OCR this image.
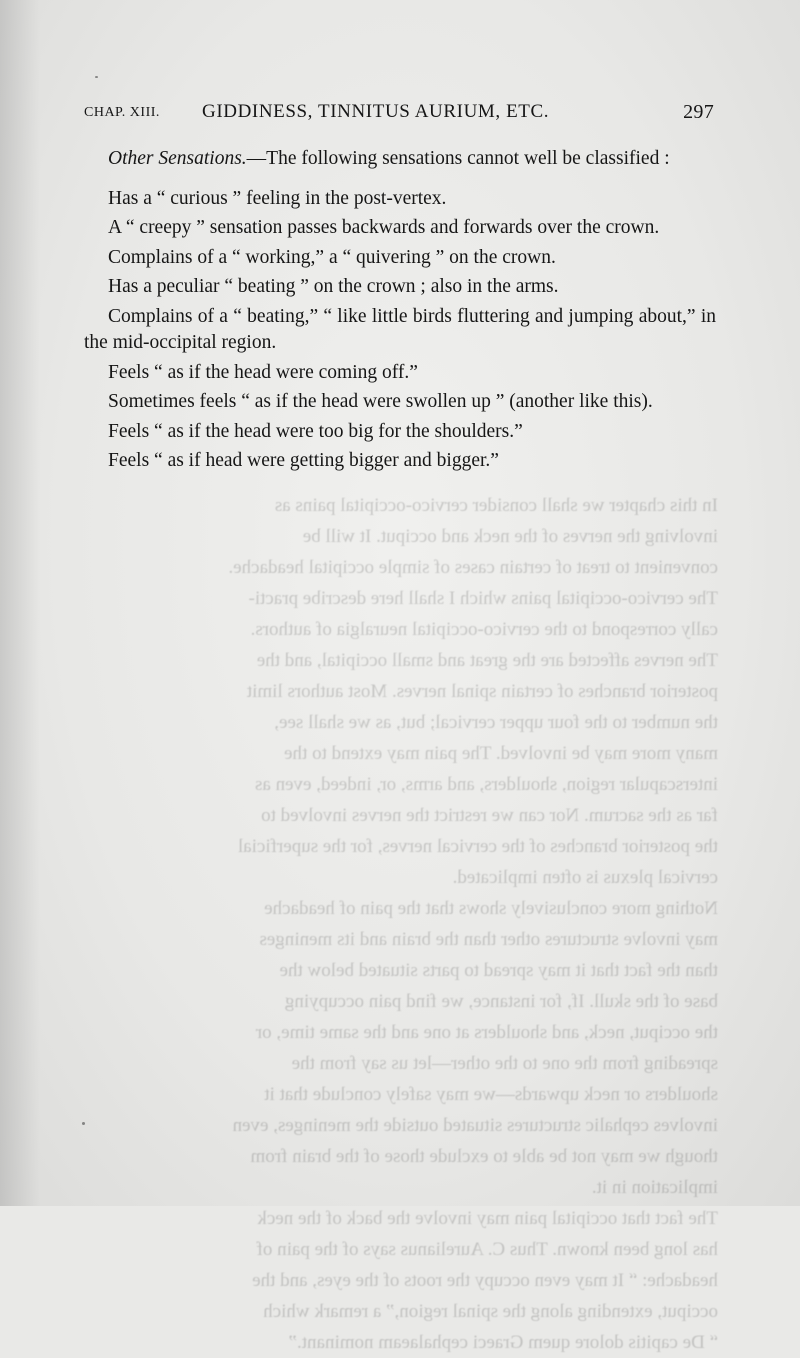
In this chapter we shall consider cervico-occipital pains as
involving the nerves of the neck and occiput. It will be
convenient to treat of certain cases of simple occipital headache.
The cervico-occipital pains which I shall here describe practi-
cally correspond to the cervico-occipital neuralgia of authors.
The nerves affected are the great and small occipital, and the
posterior branches of certain spinal nerves. Most authors limit
the number to the four upper cervical; but, as we shall see,
many more may be involved. The pain may extend to the
interscapular region, shoulders, and arms, or, indeed, even as
far as the sacrum. Nor can we restrict the nerves involved to
the posterior branches of the cervical nerves, for the superficial
cervical plexus is often implicated.
Nothing more conclusively shows that the pain of headache
may involve structures other than the brain and its meninges
than the fact that it may spread to parts situated below the
base of the skull. If, for instance, we find pain occupying
the occiput, neck, and shoulders at one and the same time, or
spreading from the one to the other—let us say from the
shoulders or neck upwards—we may safely conclude that it
involves cephalic structures situated outside the meninges, even
though we may not be able to exclude those of the brain from
implication in it.
The fact that occipital pain may involve the back of the neck
has long been known. Thus C. Aurelianus says of the pain of
headache: “ It may even occupy the roots of the eyes, and the
occiput, extending along the spinal region,” a remark which
“ De capitis dolore quem Graeci cephalaeam nominant.”
CHAP. XIII. GIDDINESS, TINNITUS AURIUM, ETC.	297

Other Sensations.—The following sensations cannot well be classified :

Has a “ curious ” feeling in the post-vertex.

A “ creepy ” sensation passes backwards and forwards over the crown.

Complains of a “ working,” a “ quivering ” on the crown.

Has a peculiar “ beating ” on the crown ; also in the arms.

Complains of a “ beating,” “ like little birds fluttering and jumping about,” in the mid-occipital region.

Feels “ as if the head were coming off.”

Sometimes feels “ as if the head were swollen up ” (another like this).

Feels “ as if the head were too big for the shoulders.”

Feels “ as if head were getting bigger and bigger.”
